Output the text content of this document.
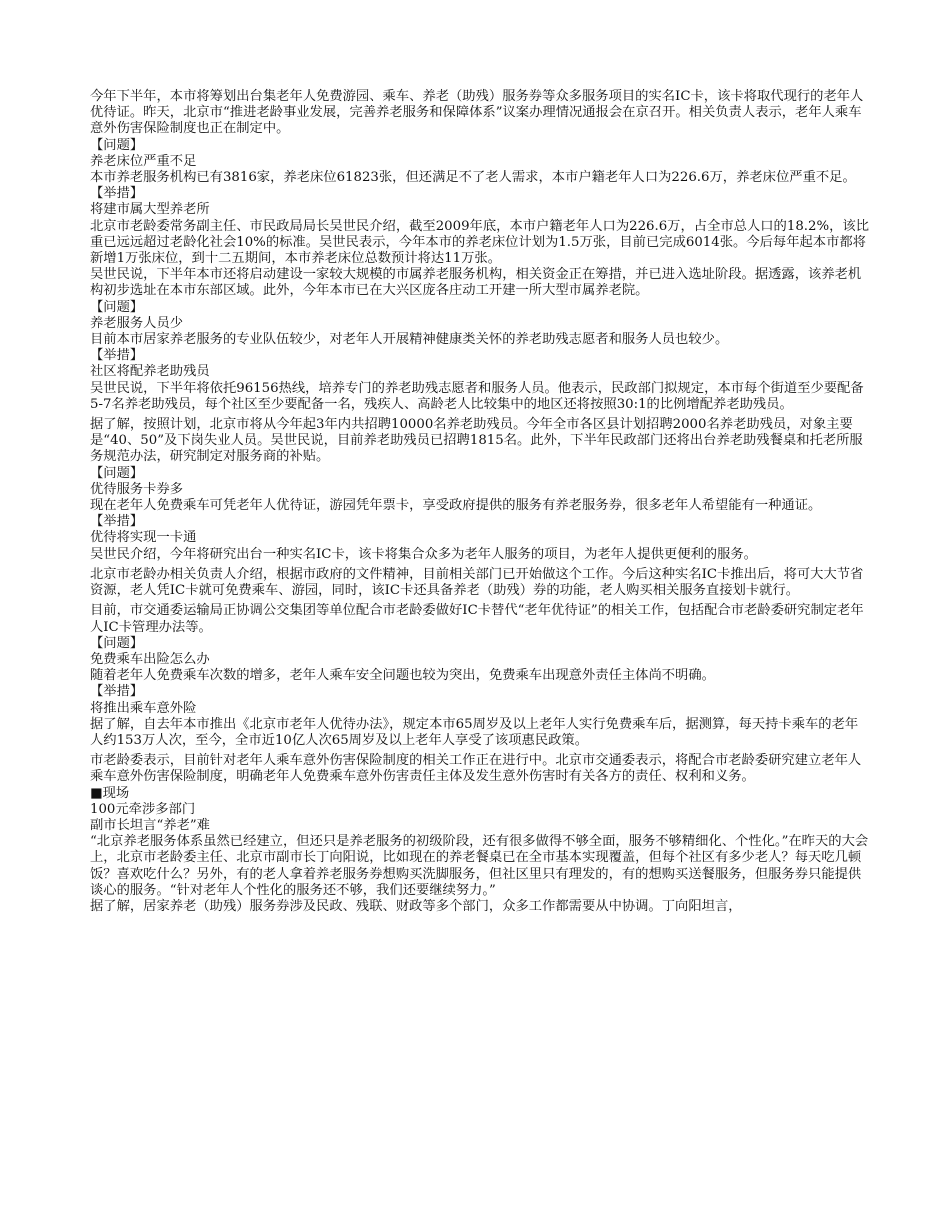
今年下半年，本市将筹划出台集老年人免费游园、乘车、养老（助残）服务券等众多服务项目的实名IC卡，该卡将取代现行的老年人优待证。昨天，北京市“推进老龄事业发展，完善养老服务和保障体系”议案办理情况通报会在京召开。相关负责人表示，老年人乘车意外伤害保险制度也正在制定中。

【问题】

养老床位严重不足

本市养老服务机构已有3816家，养老床位61823张，但还满足不了老人需求，本市户籍老年人口为226.6万，养老床位严重不足。

【举措】

将建市属大型养老所

北京市老龄委常务副主任、市民政局局长吴世民介绍，截至2009年底，本市户籍老年人口为226.6万，占全市总人口的18.2%，该比重已远远超过老龄化社会10%的标准。吴世民表示，今年本市的养老床位计划为1.5万张，目前已完成6014张。今后每年起本市都将新增1万张床位，到十二五期间，本市养老床位总数预计将达11万张。

吴世民说，下半年本市还将启动建设一家较大规模的市属养老服务机构，相关资金正在筹措，并已进入选址阶段。据透露，该养老机构初步选址在本市东部区域。此外，今年本市已在大兴区庞各庄动工开建一所大型市属养老院。

【问题】

养老服务人员少

目前本市居家养老服务的专业队伍较少，对老年人开展精神健康类关怀的养老助残志愿者和服务人员也较少。

【举措】

社区将配养老助残员

吴世民说，下半年将依托96156热线，培养专门的养老助残志愿者和服务人员。他表示，民政部门拟规定，本市每个街道至少要配备5-7名养老助残员，每个社区至少要配备一名，残疾人、高龄老人比较集中的地区还将按照30:1的比例增配养老助残员。

据了解，按照计划，北京市将从今年起3年内共招聘10000名养老助残员。今年全市各区县计划招聘2000名养老助残员，对象主要是“40、50”及下岗失业人员。吴世民说，目前养老助残员已招聘1815名。此外，下半年民政部门还将出台养老助残餐桌和托老所服务规范办法，研究制定对服务商的补贴。

【问题】

优待服务卡券多

现在老年人免费乘车可凭老年人优待证，游园凭年票卡，享受政府提供的服务有养老服务券，很多老年人希望能有一种通证。

【举措】

优待将实现一卡通

吴世民介绍，今年将研究出台一种实名IC卡，该卡将集合众多为老年人服务的项目，为老年人提供更便利的服务。

北京市老龄办相关负责人介绍，根据市政府的文件精神，目前相关部门已开始做这个工作。今后这种实名IC卡推出后，将可大大节省资源，老人凭IC卡就可免费乘车、游园，同时，该IC卡还具备养老（助残）券的功能，老人购买相关服务直接划卡就行。

目前，市交通委运输局正协调公交集团等单位配合市老龄委做好IC卡替代“老年优待证”的相关工作，包括配合市老龄委研究制定老年人IC卡管理办法等。

【问题】

免费乘车出险怎么办

随着老年人免费乘车次数的增多，老年人乘车安全问题也较为突出，免费乘车出现意外责任主体尚不明确。

【举措】

将推出乘车意外险

据了解，自去年本市推出《北京市老年人优待办法》，规定本市65周岁及以上老年人实行免费乘车后，据测算，每天持卡乘车的老年人约153万人次，至今，全市近10亿人次65周岁及以上老年人享受了该项惠民政策。

市老龄委表示，目前针对老年人乘车意外伤害保险制度的相关工作正在进行中。北京市交通委表示，将配合市老龄委研究建立老年人乘车意外伤害保险制度，明确老年人免费乘车意外伤害责任主体及发生意外伤害时有关各方的责任、权利和义务。

■现场

100元牵涉多部门

副市长坦言“养老”难

“北京养老服务体系虽然已经建立，但还只是养老服务的初级阶段，还有很多做得不够全面，服务不够精细化、个性化。”在昨天的大会上，北京市老龄委主任、北京市副市长丁向阳说，比如现在的养老餐桌已在全市基本实现覆盖，但每个社区有多少老人？每天吃几顿饭？喜欢吃什么？另外，有的老人拿着养老服务券想购买洗脚服务，但社区里只有理发的，有的想购买送餐服务，但服务券只能提供谈心的服务。“针对老年人个性化的服务还不够，我们还要继续努力。”

据了解，居家养老（助残）服务券涉及民政、残联、财政等多个部门，众多工作都需要从中协调。丁向阳坦言，
